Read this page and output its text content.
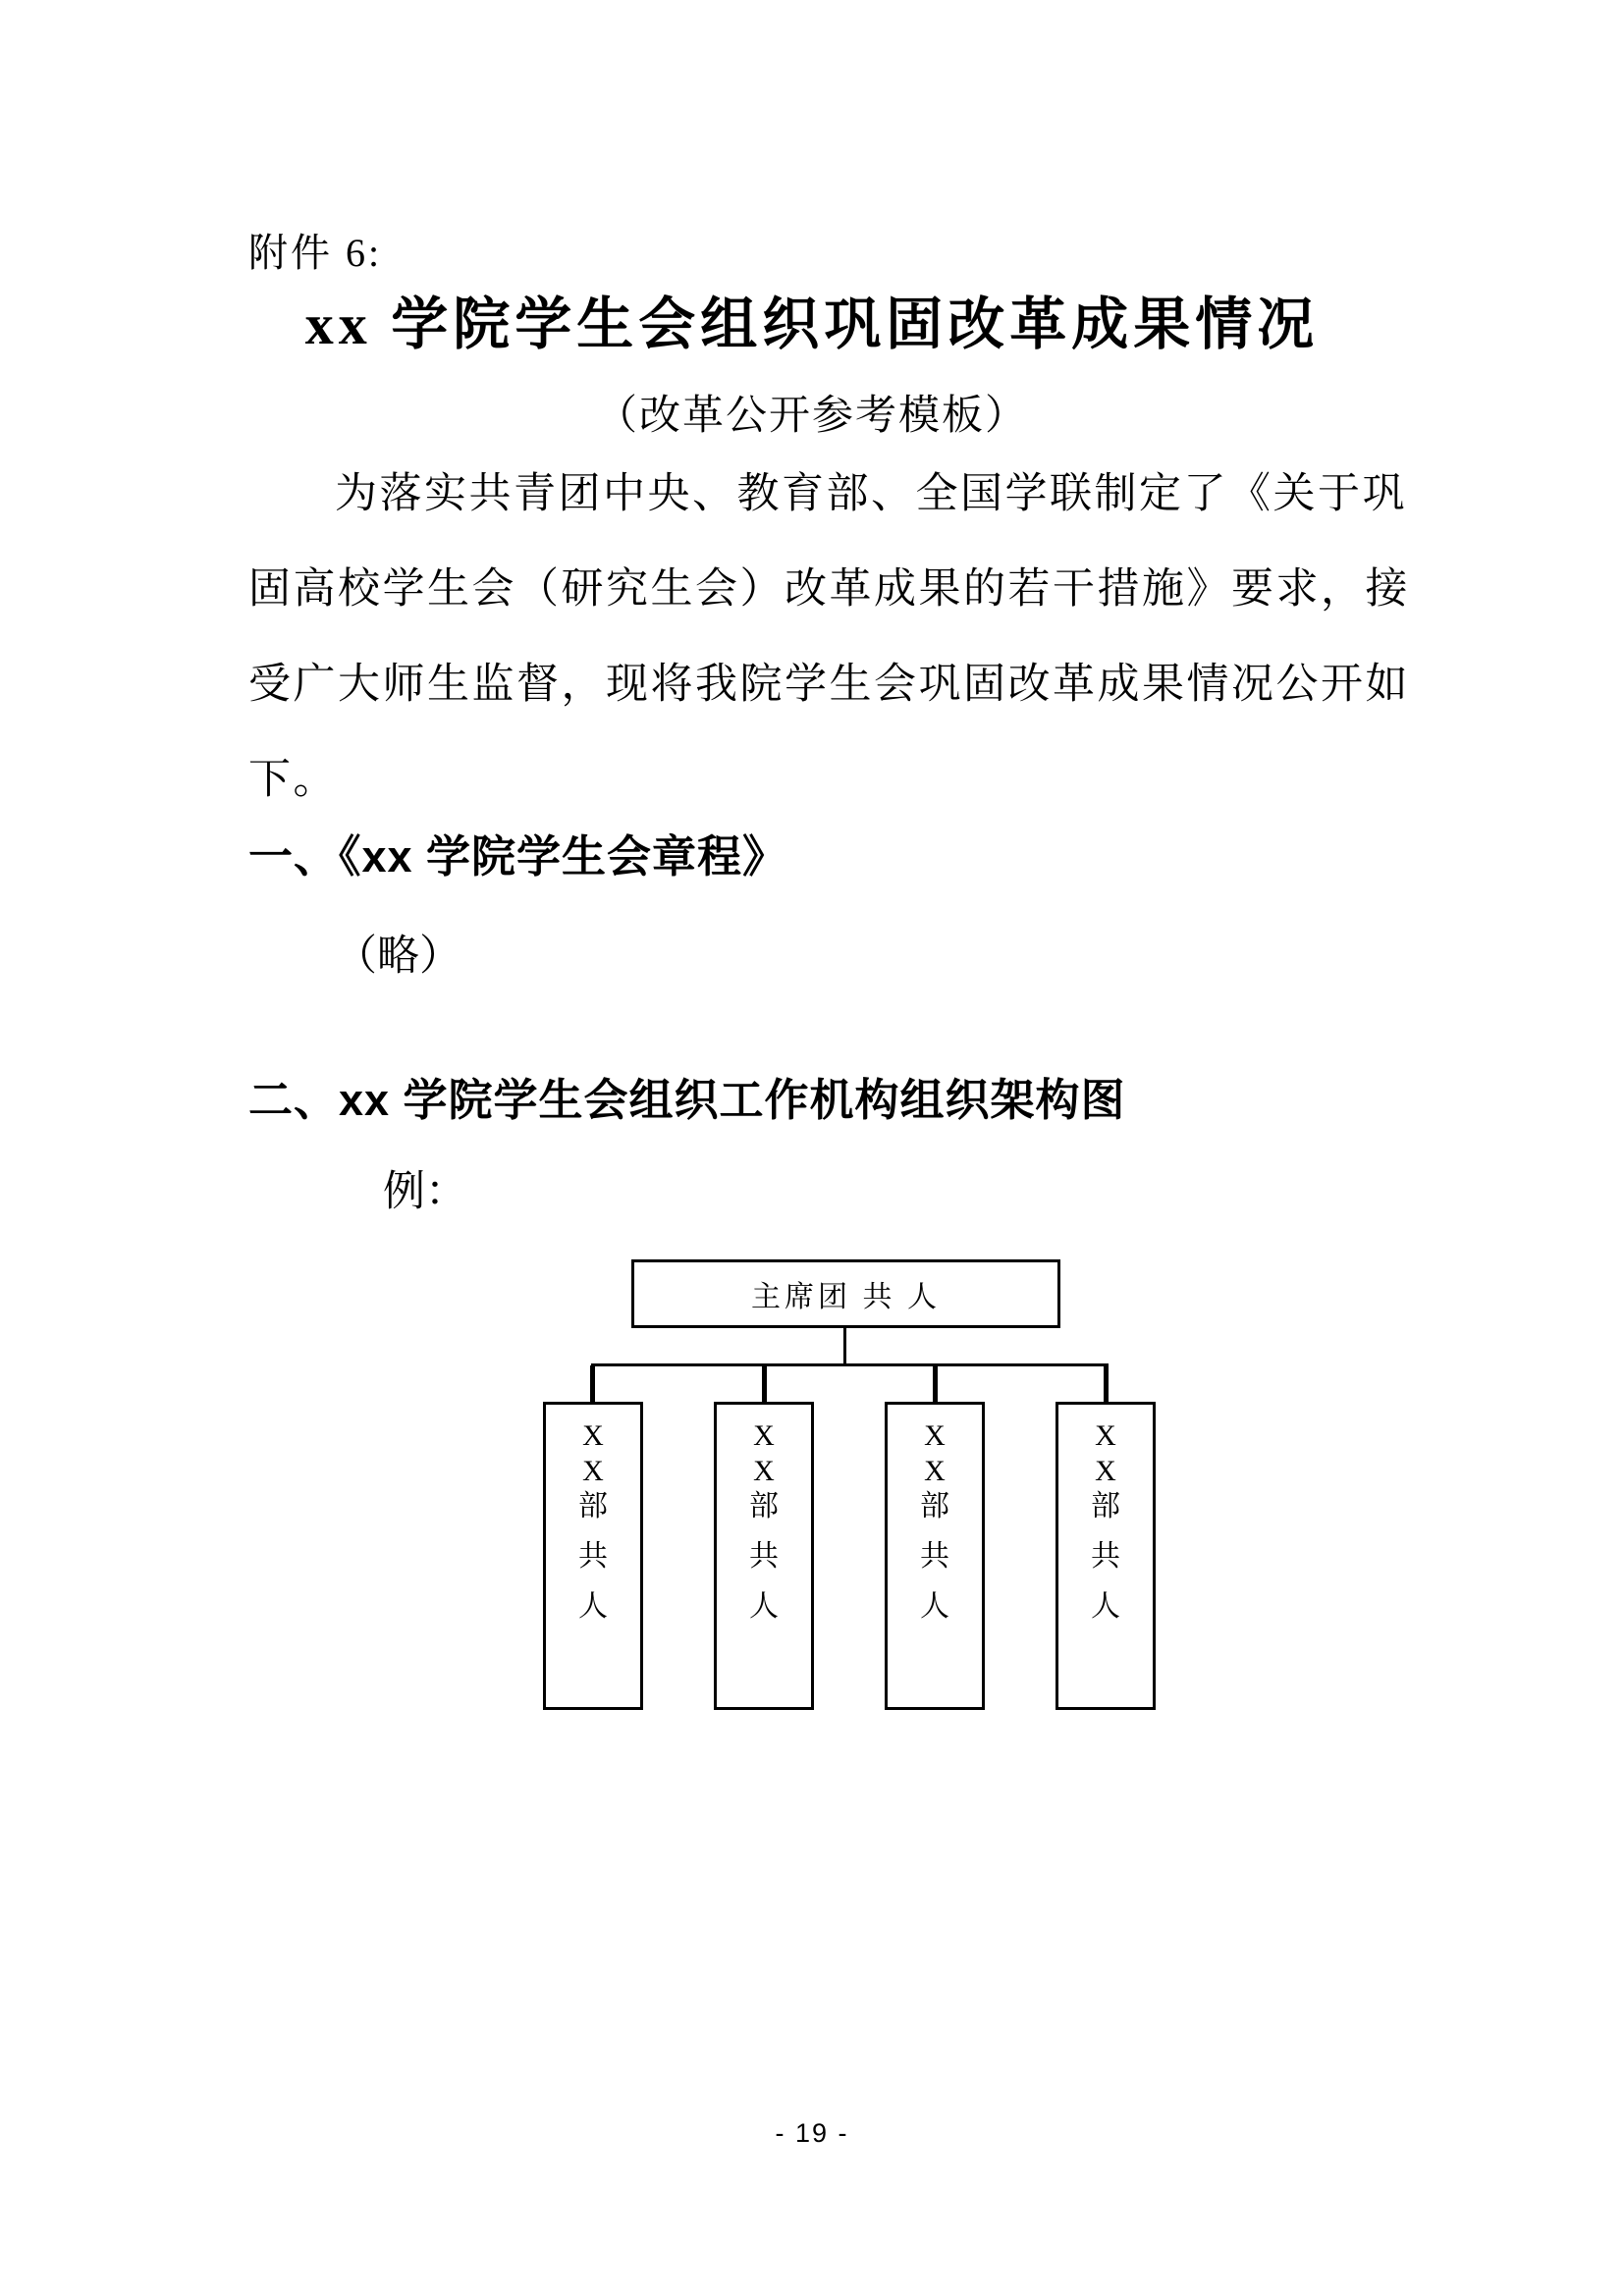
附件 6:
xx 学院学生会组织巩固改革成果情况
（改革公开参考模板）
为落实共青团中央、教育部、全国学联制定了《关于巩
固高校学生会（研究生会）改革成果的若干措施》要求，接
受广大师生监督，现将我院学生会巩固改革成果情况公开如
下。
一、《xx 学院学生会章程》
（略）
二、xx 学院学生会组织工作机构组织架构图
例：
主席团 共 人
X
X
部
共
人
X
X
部
共
人
X
X
部
共
人
X
X
部
共
人
- 19 -
